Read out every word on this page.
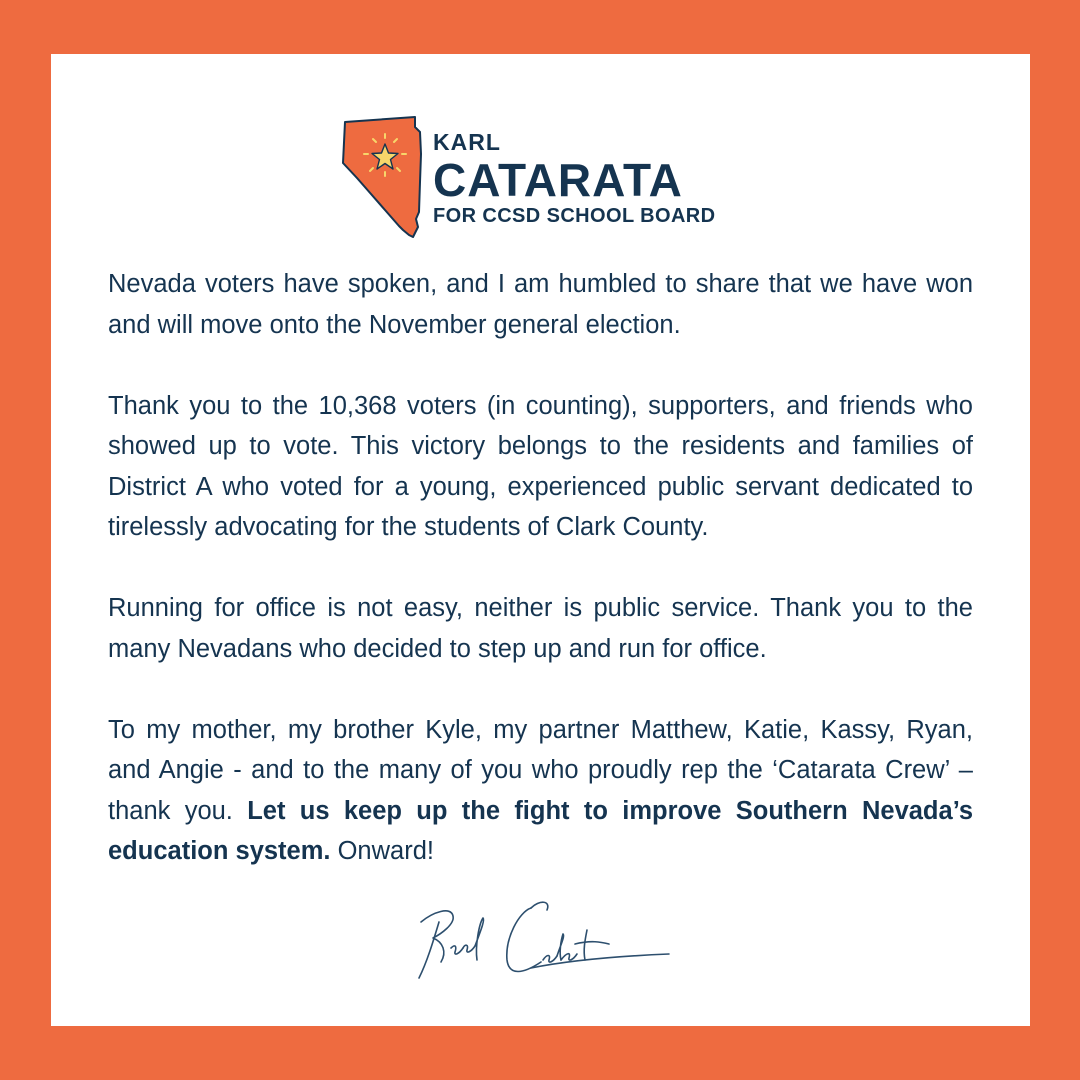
KARL
CATARATA
FOR CCSD SCHOOL BOARD

Nevada voters have spoken, and I am humbled to share that we have won and will move onto the November general election.

Thank you to the 10,368 voters (in counting), supporters, and friends who showed up to vote. This victory belongs to the residents and families of District A who voted for a young, experienced public servant dedicated to tirelessly advocating for the students of Clark County.

Running for office is not easy, neither is public service. Thank you to the many Nevadans who decided to step up and run for office.

To my mother, my brother Kyle, my partner Matthew, Katie, Kassy, Ryan, and Angie - and to the many of you who proudly rep the ‘Catarata Crew’ – thank you. Let us keep up the fight to improve Southern Nevada’s education system. Onward!
